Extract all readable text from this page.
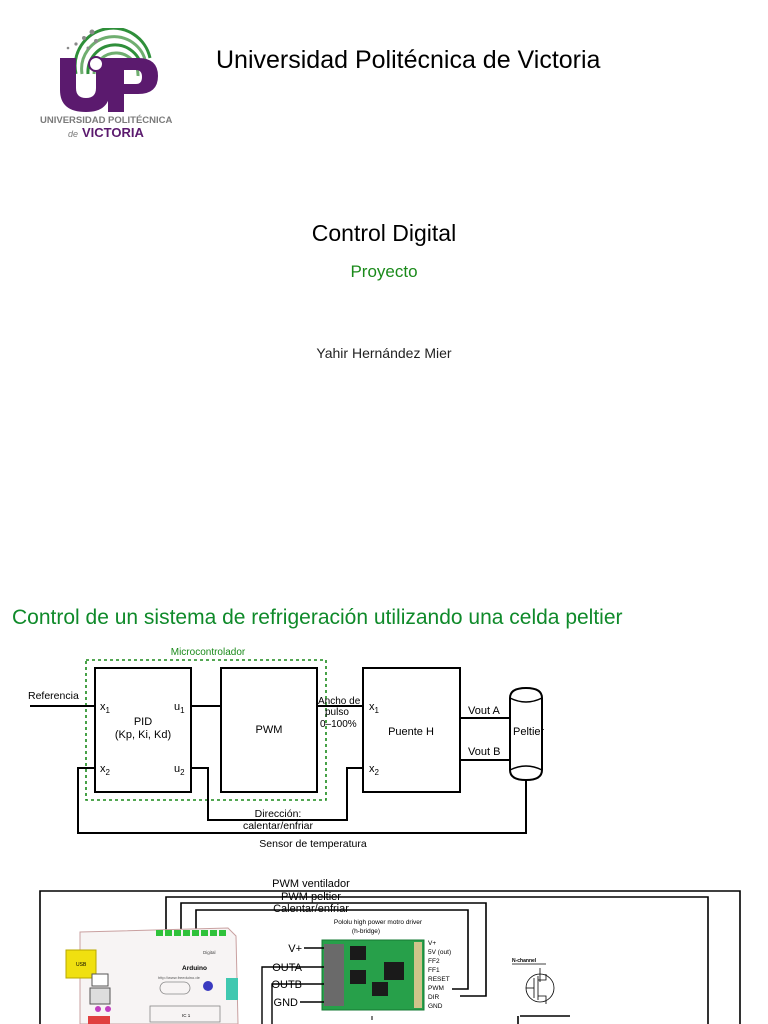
UNIVERSIDAD POLITÉCNICA
de VICTORIA
Universidad Politécnica de Victoria
Control Digital
Proyecto
Yahir Hernández Mier
Control de un sistema de refrigeración utilizando una celda peltier
Microcontrolador
$x_1$
$x_2$
$u_1$
$u_2$
PID
(Kp, Ki, Kd)	PWM
$x_1$
$x_2$
Puente H	Peltier
Referencia	Ancho de
pulso
0–100%
Vout A
Vout B
Dirección:
calentar/enfriar
Sensor de temperatura
PWM ventilador
PWM peltier
Calentar/enfriar
USB
Digital
Arduino
http://www.freeduino.de
IC 1
Pololu high power motro driver
(h-bridge)
V+
OUTA
OUTB
GND
V+
5V (out)
FF2
FF1
RESET
PWM
DIR
GND
N-channel
